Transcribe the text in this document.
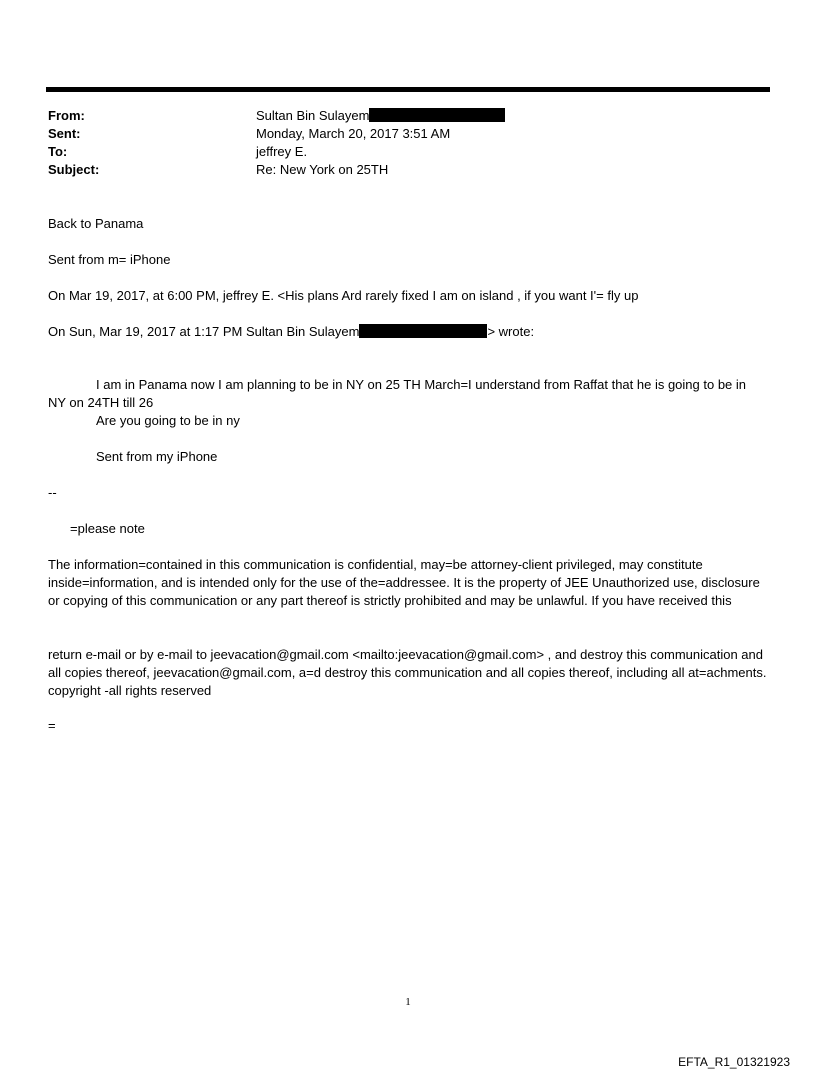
From:	Sultan Bin Sulayem
Sent:	Monday, March 20, 2017 3:51 AM
To:	jeffrey E.
Subject:	Re: New York on 25TH
Back to Panama
Sent from m= iPhone
On Mar 19, 2017, at 6:00 PM, jeffrey E. <His plans Ard rarely fixed I am on island , if you want I'= fly up
On Sun, Mar 19, 2017 at 1:17 PM Sultan Bin Sulayem	> wrote:
I am in Panama now I am planning to be in NY on 25 TH March=I understand from Raffat that he is going to be in
NY on 24TH till 26
Are you going to be in ny
Sent from my iPhone
--
=please note
The information=contained in this communication is confidential, may=be attorney-client privileged, may constitute inside=information, and is intended only for the use of the=addressee. It is the property of JEE Unauthorized use, disclosure or copying of this communication or any part thereof is strictly prohibited and may be unlawful. If you have received this
return e-mail or by e-mail to jeevacation@gmail.com <mailto:jeevacation@gmail.com> , and destroy this communication and all copies thereof, jeevacation@gmail.com, a=d destroy this communication and all copies thereof, including all at=achments. copyright -all rights reserved
=
1
EFTA_R1_01321923
